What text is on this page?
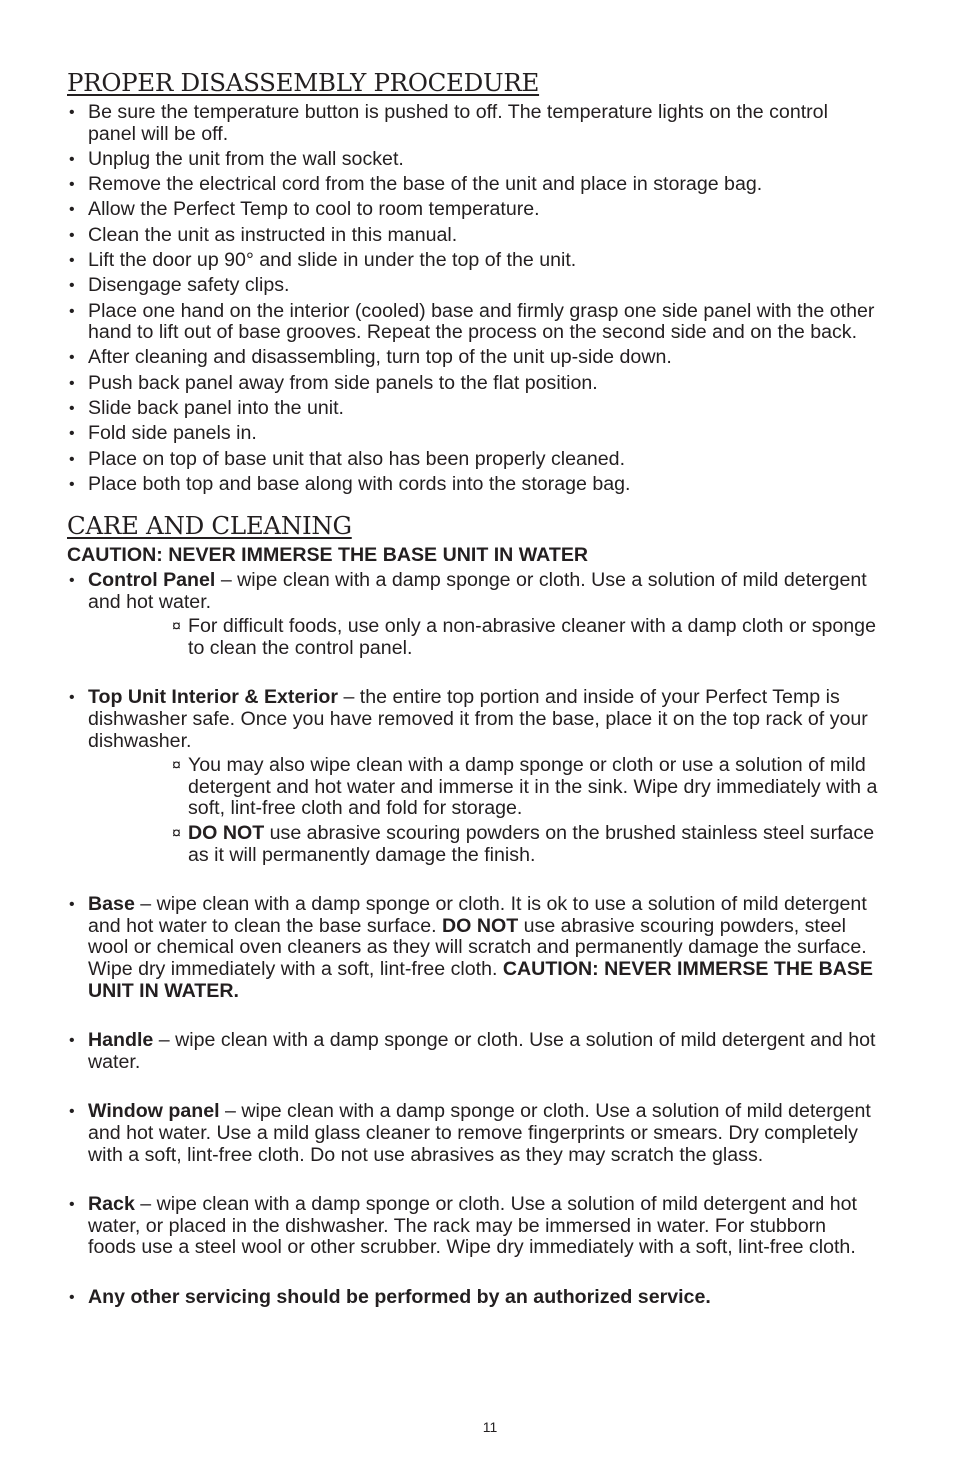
PROPER DISASSEMBLY PROCEDURE
• Be sure the temperature button is pushed to off. The temperature lights on the control panel will be off.
• Unplug the unit from the wall socket.
• Remove the electrical cord from the base of the unit and place in storage bag.
• Allow the Perfect Temp to cool to room temperature.
• Clean the unit as instructed in this manual.
• Lift the door up 90° and slide in under the top of the unit.
• Disengage safety clips.
• Place one hand on the interior (cooled) base and firmly grasp one side panel with the other hand to lift out of base grooves. Repeat the process on the second side and on the back.
• After cleaning and disassembling, turn top of the unit up-side down.
• Push back panel away from side panels to the flat position.
• Slide back panel into the unit.
• Fold side panels in.
• Place on top of base unit that also has been properly cleaned.
• Place both top and base along with cords into the storage bag.
CARE AND CLEANING
CAUTION: NEVER IMMERSE THE BASE UNIT IN WATER
• Control Panel – wipe clean with a damp sponge or cloth. Use a solution of mild detergent and hot water.
¤ For difficult foods, use only a non-abrasive cleaner with a damp cloth or sponge to clean the control panel.
• Top Unit Interior & Exterior – the entire top portion and inside of your Perfect Temp is dishwasher safe. Once you have removed it from the base, place it on the top rack of your dishwasher.
¤ You may also wipe clean with a damp sponge or cloth or use a solution of mild detergent and hot water and immerse it in the sink. Wipe dry immediately with a soft, lint-free cloth and fold for storage.
¤ DO NOT use abrasive scouring powders on the brushed stainless steel surface as it will permanently damage the finish.
• Base – wipe clean with a damp sponge or cloth. It is ok to use a solution of mild detergent and hot water to clean the base surface. DO NOT use abrasive scouring powders, steel wool or chemical oven cleaners as they will scratch and permanently damage the surface. Wipe dry immediately with a soft, lint-free cloth. CAUTION: NEVER IMMERSE THE BASE UNIT IN WATER.
• Handle – wipe clean with a damp sponge or cloth. Use a solution of mild detergent and hot water.
• Window panel – wipe clean with a damp sponge or cloth. Use a solution of mild detergent and hot water. Use a mild glass cleaner to remove fingerprints or smears. Dry completely with a soft, lint-free cloth. Do not use abrasives as they may scratch the glass.
• Rack – wipe clean with a damp sponge or cloth. Use a solution of mild detergent and hot water, or placed in the dishwasher. The rack may be immersed in water. For stubborn foods use a steel wool or other scrubber. Wipe dry immediately with a soft, lint-free cloth.
• Any other servicing should be performed by an authorized service.
11
